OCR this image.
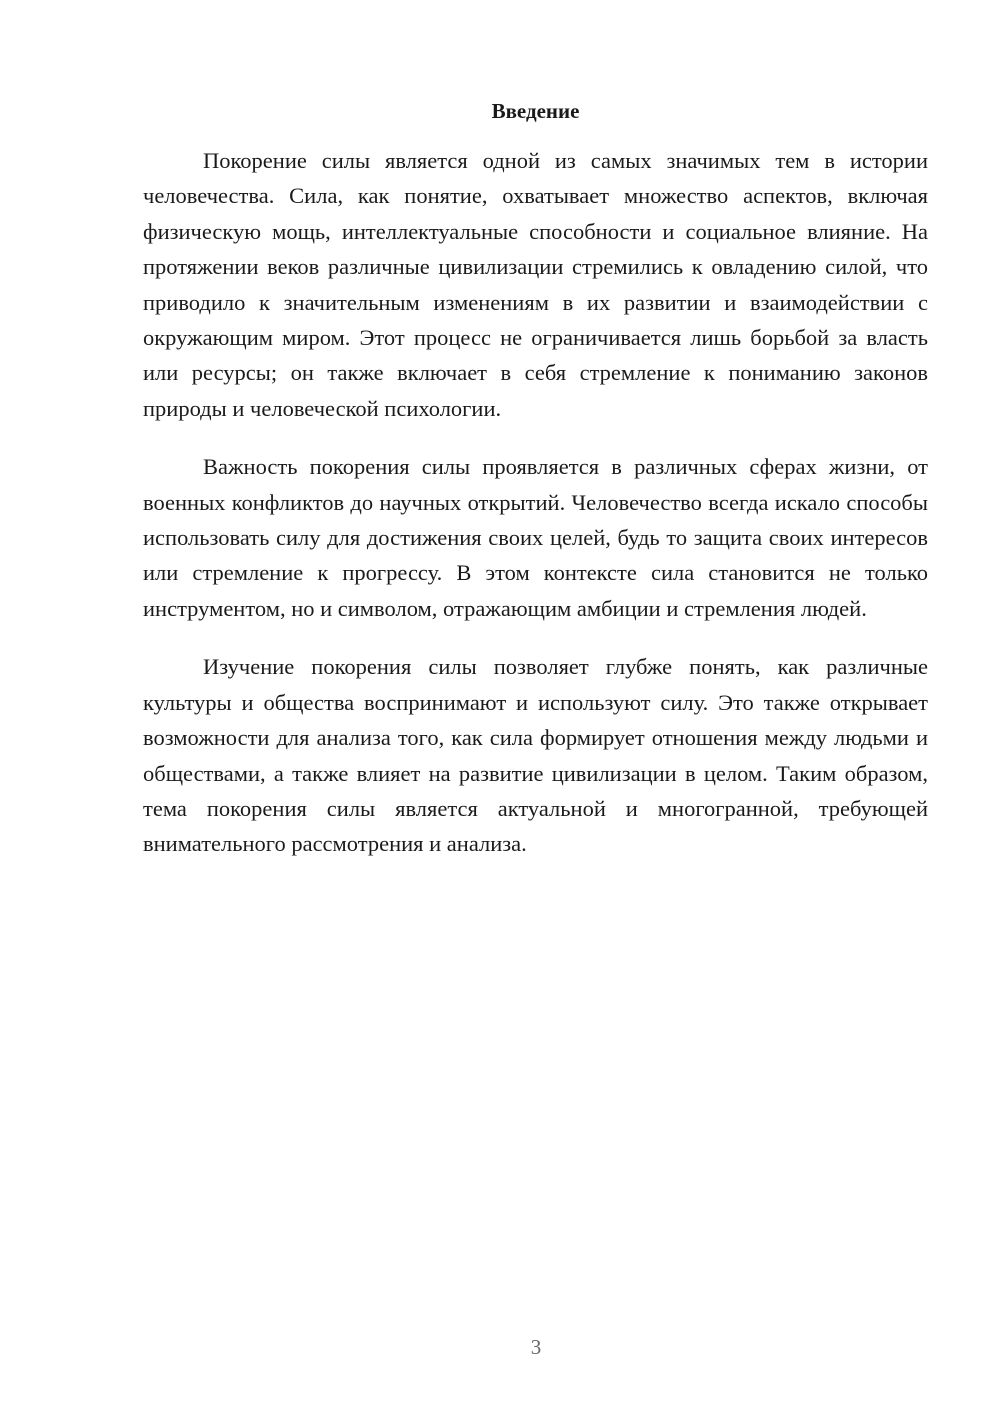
Введение

Покорение силы является одной из самых значимых тем в истории человечества. Сила, как понятие, охватывает множество аспектов, включая физическую мощь, интеллектуальные способности и социальное влияние. На протяжении веков различные цивилизации стремились к овладению силой, что приводило к значительным изменениям в их развитии и взаимодействии с окружающим миром. Этот процесс не ограничивается лишь борьбой за власть или ресурсы; он также включает в себя стремление к пониманию законов природы и человеческой психологии.

Важность покорения силы проявляется в различных сферах жизни, от военных конфликтов до научных открытий. Человечество всегда искало способы использовать силу для достижения своих целей, будь то защита своих интересов или стремление к прогрессу. В этом контексте сила становится не только инструментом, но и символом, отражающим амбиции и стремления людей.

Изучение покорения силы позволяет глубже понять, как различные культуры и общества воспринимают и используют силу. Это также открывает возможности для анализа того, как сила формирует отношения между людьми и обществами, а также влияет на развитие цивилизации в целом. Таким образом, тема покорения силы является актуальной и многогранной, требующей внимательного рассмотрения и анализа.

3
